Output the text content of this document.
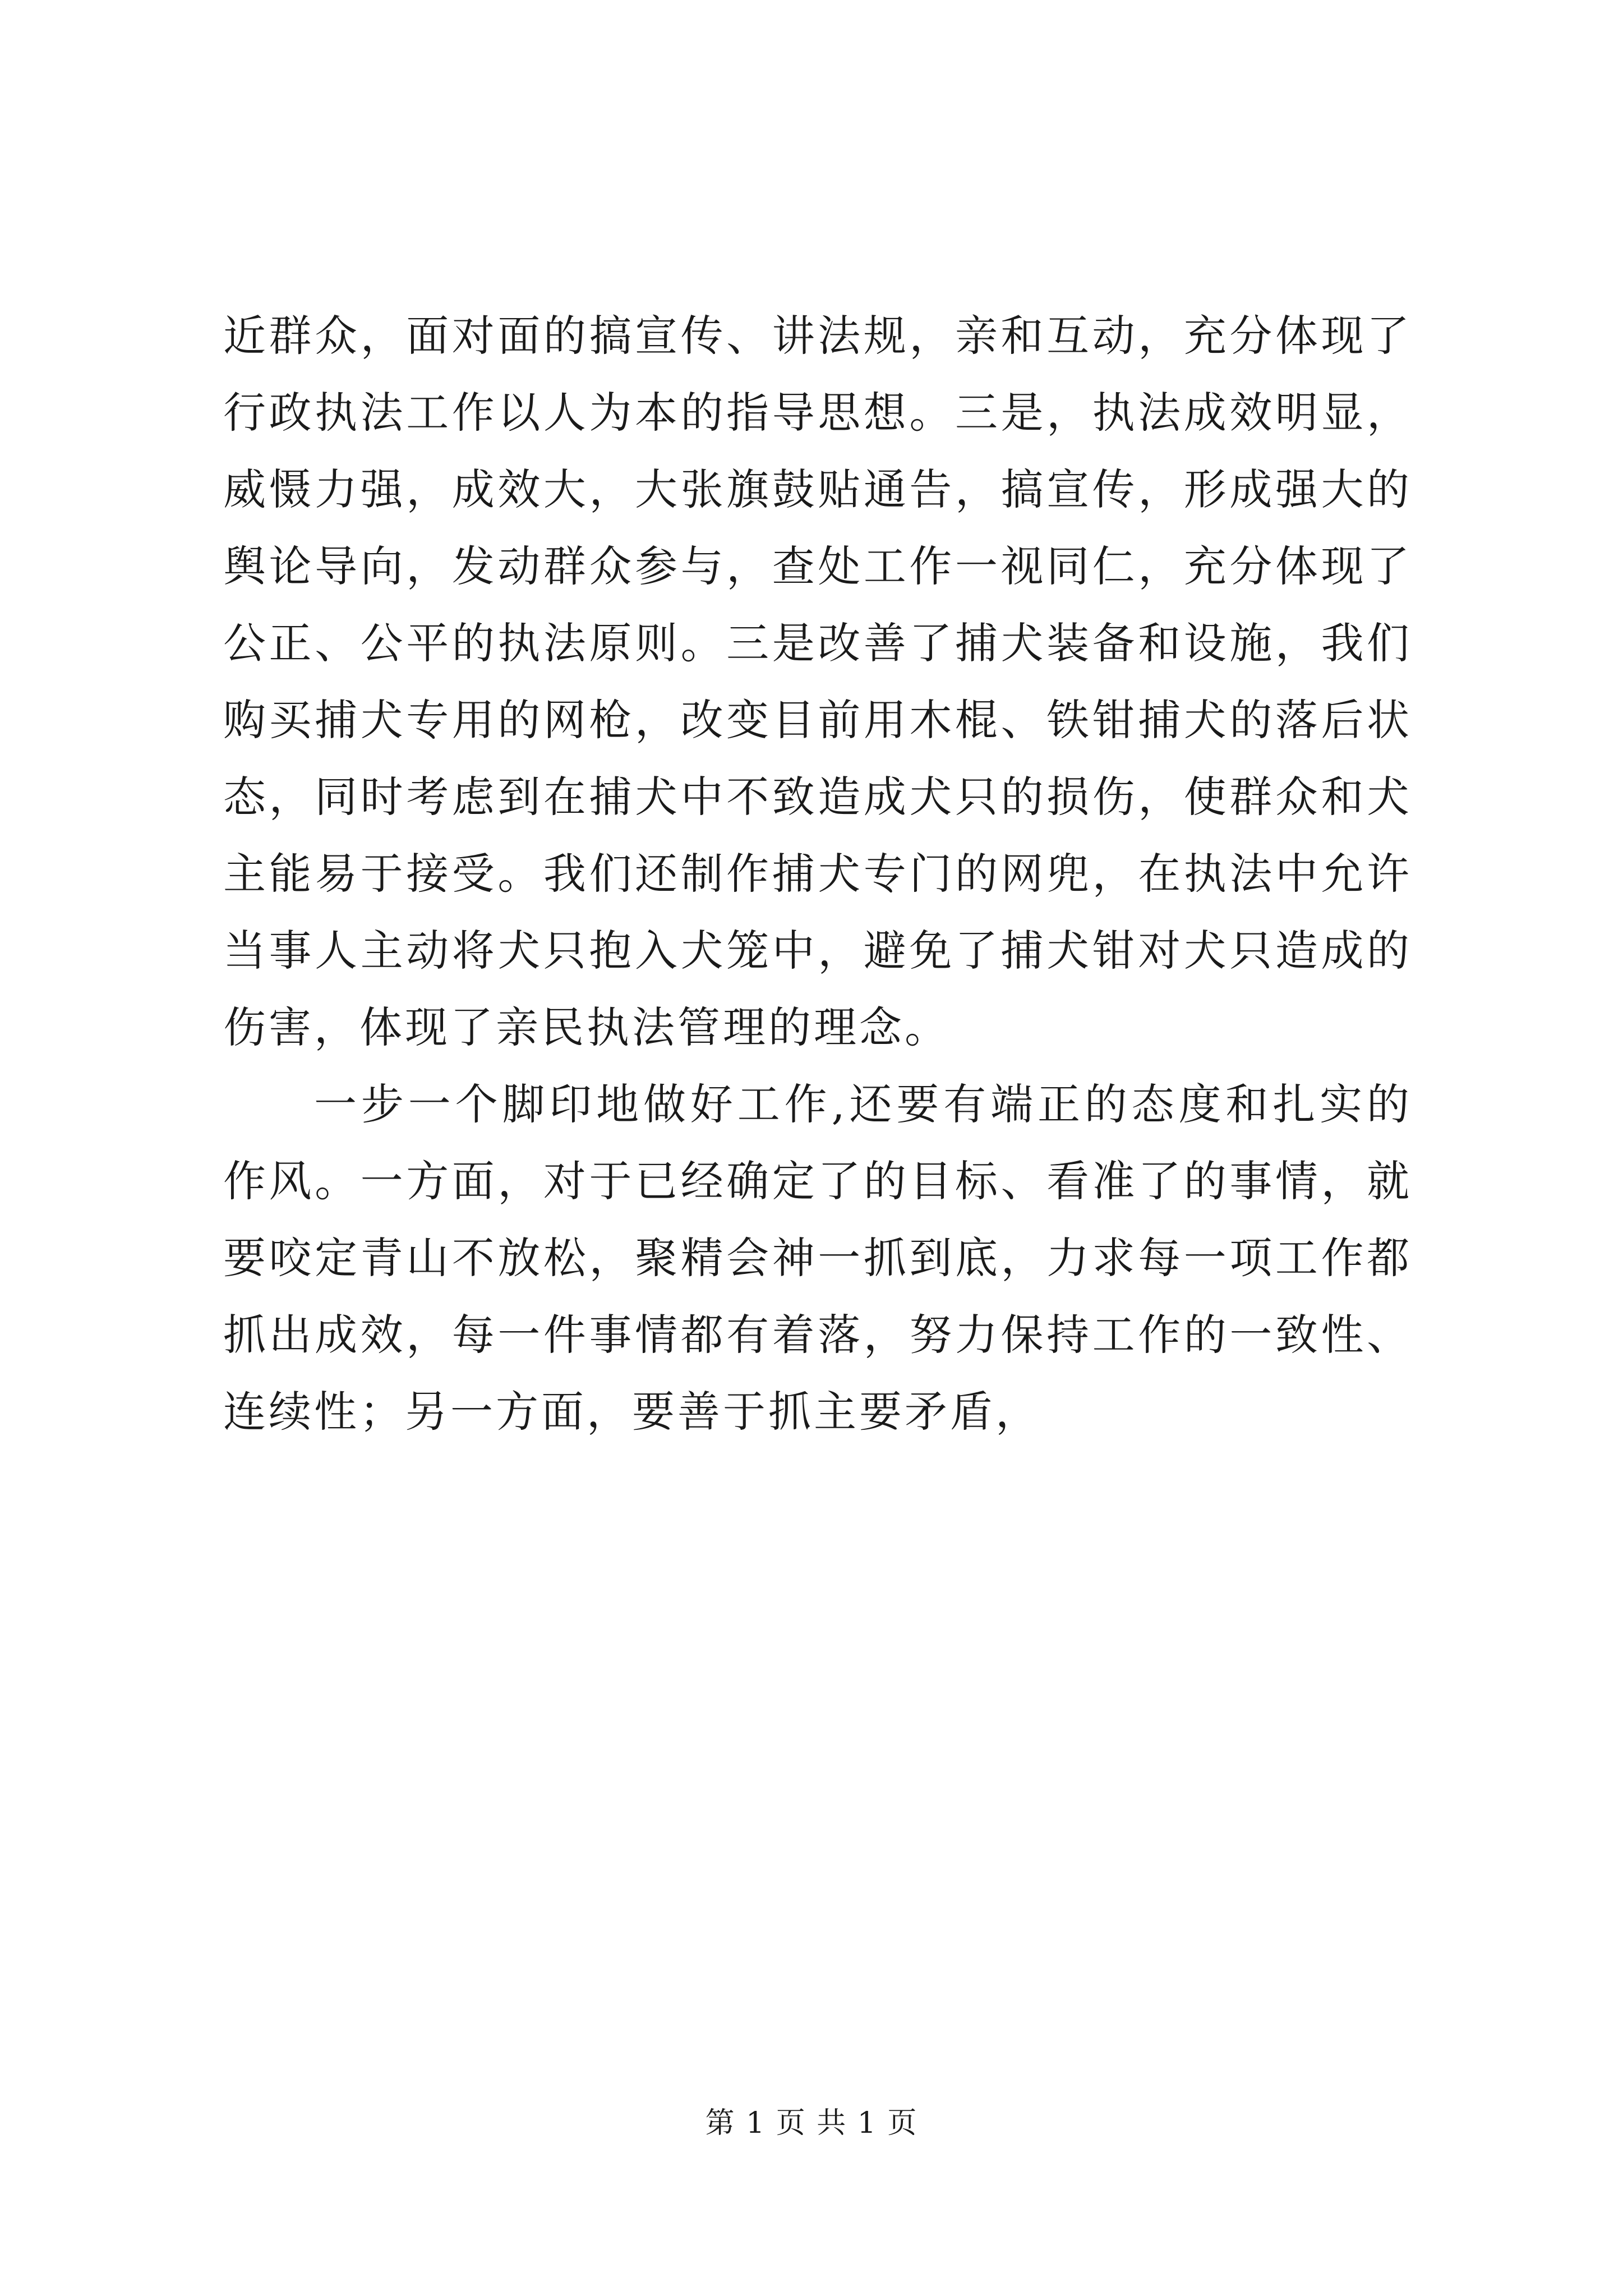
近群众，面对面的搞宣传、讲法规，亲和互动，充分体现了行政执法工作以人为本的指导思想。三是，执法成效明显，威慑力强，成效大，大张旗鼓贴通告，搞宣传，形成强大的舆论导向，发动群众参与，查处工作一视同仁，充分体现了公正、公平的执法原则。三是改善了捕犬装备和设施，我们购买捕犬专用的网枪，改变目前用木棍、铁钳捕犬的落后状态，同时考虑到在捕犬中不致造成犬只的损伤，使群众和犬主能易于接受。我们还制作捕犬专门的网兜，在执法中允许当事人主动将犬只抱入犬笼中，避免了捕犬钳对犬只造成的伤害，体现了亲民执法管理的理念。

一步一个脚印地做好工作,还要有端正的态度和扎实的作风。一方面，对于已经确定了的目标、看准了的事情，就要咬定青山不放松，聚精会神一抓到底，力求每一项工作都抓出成效，每一件事情都有着落，努力保持工作的一致性、连续性；另一方面，要善于抓主要矛盾，

第 1 页 共 1 页
